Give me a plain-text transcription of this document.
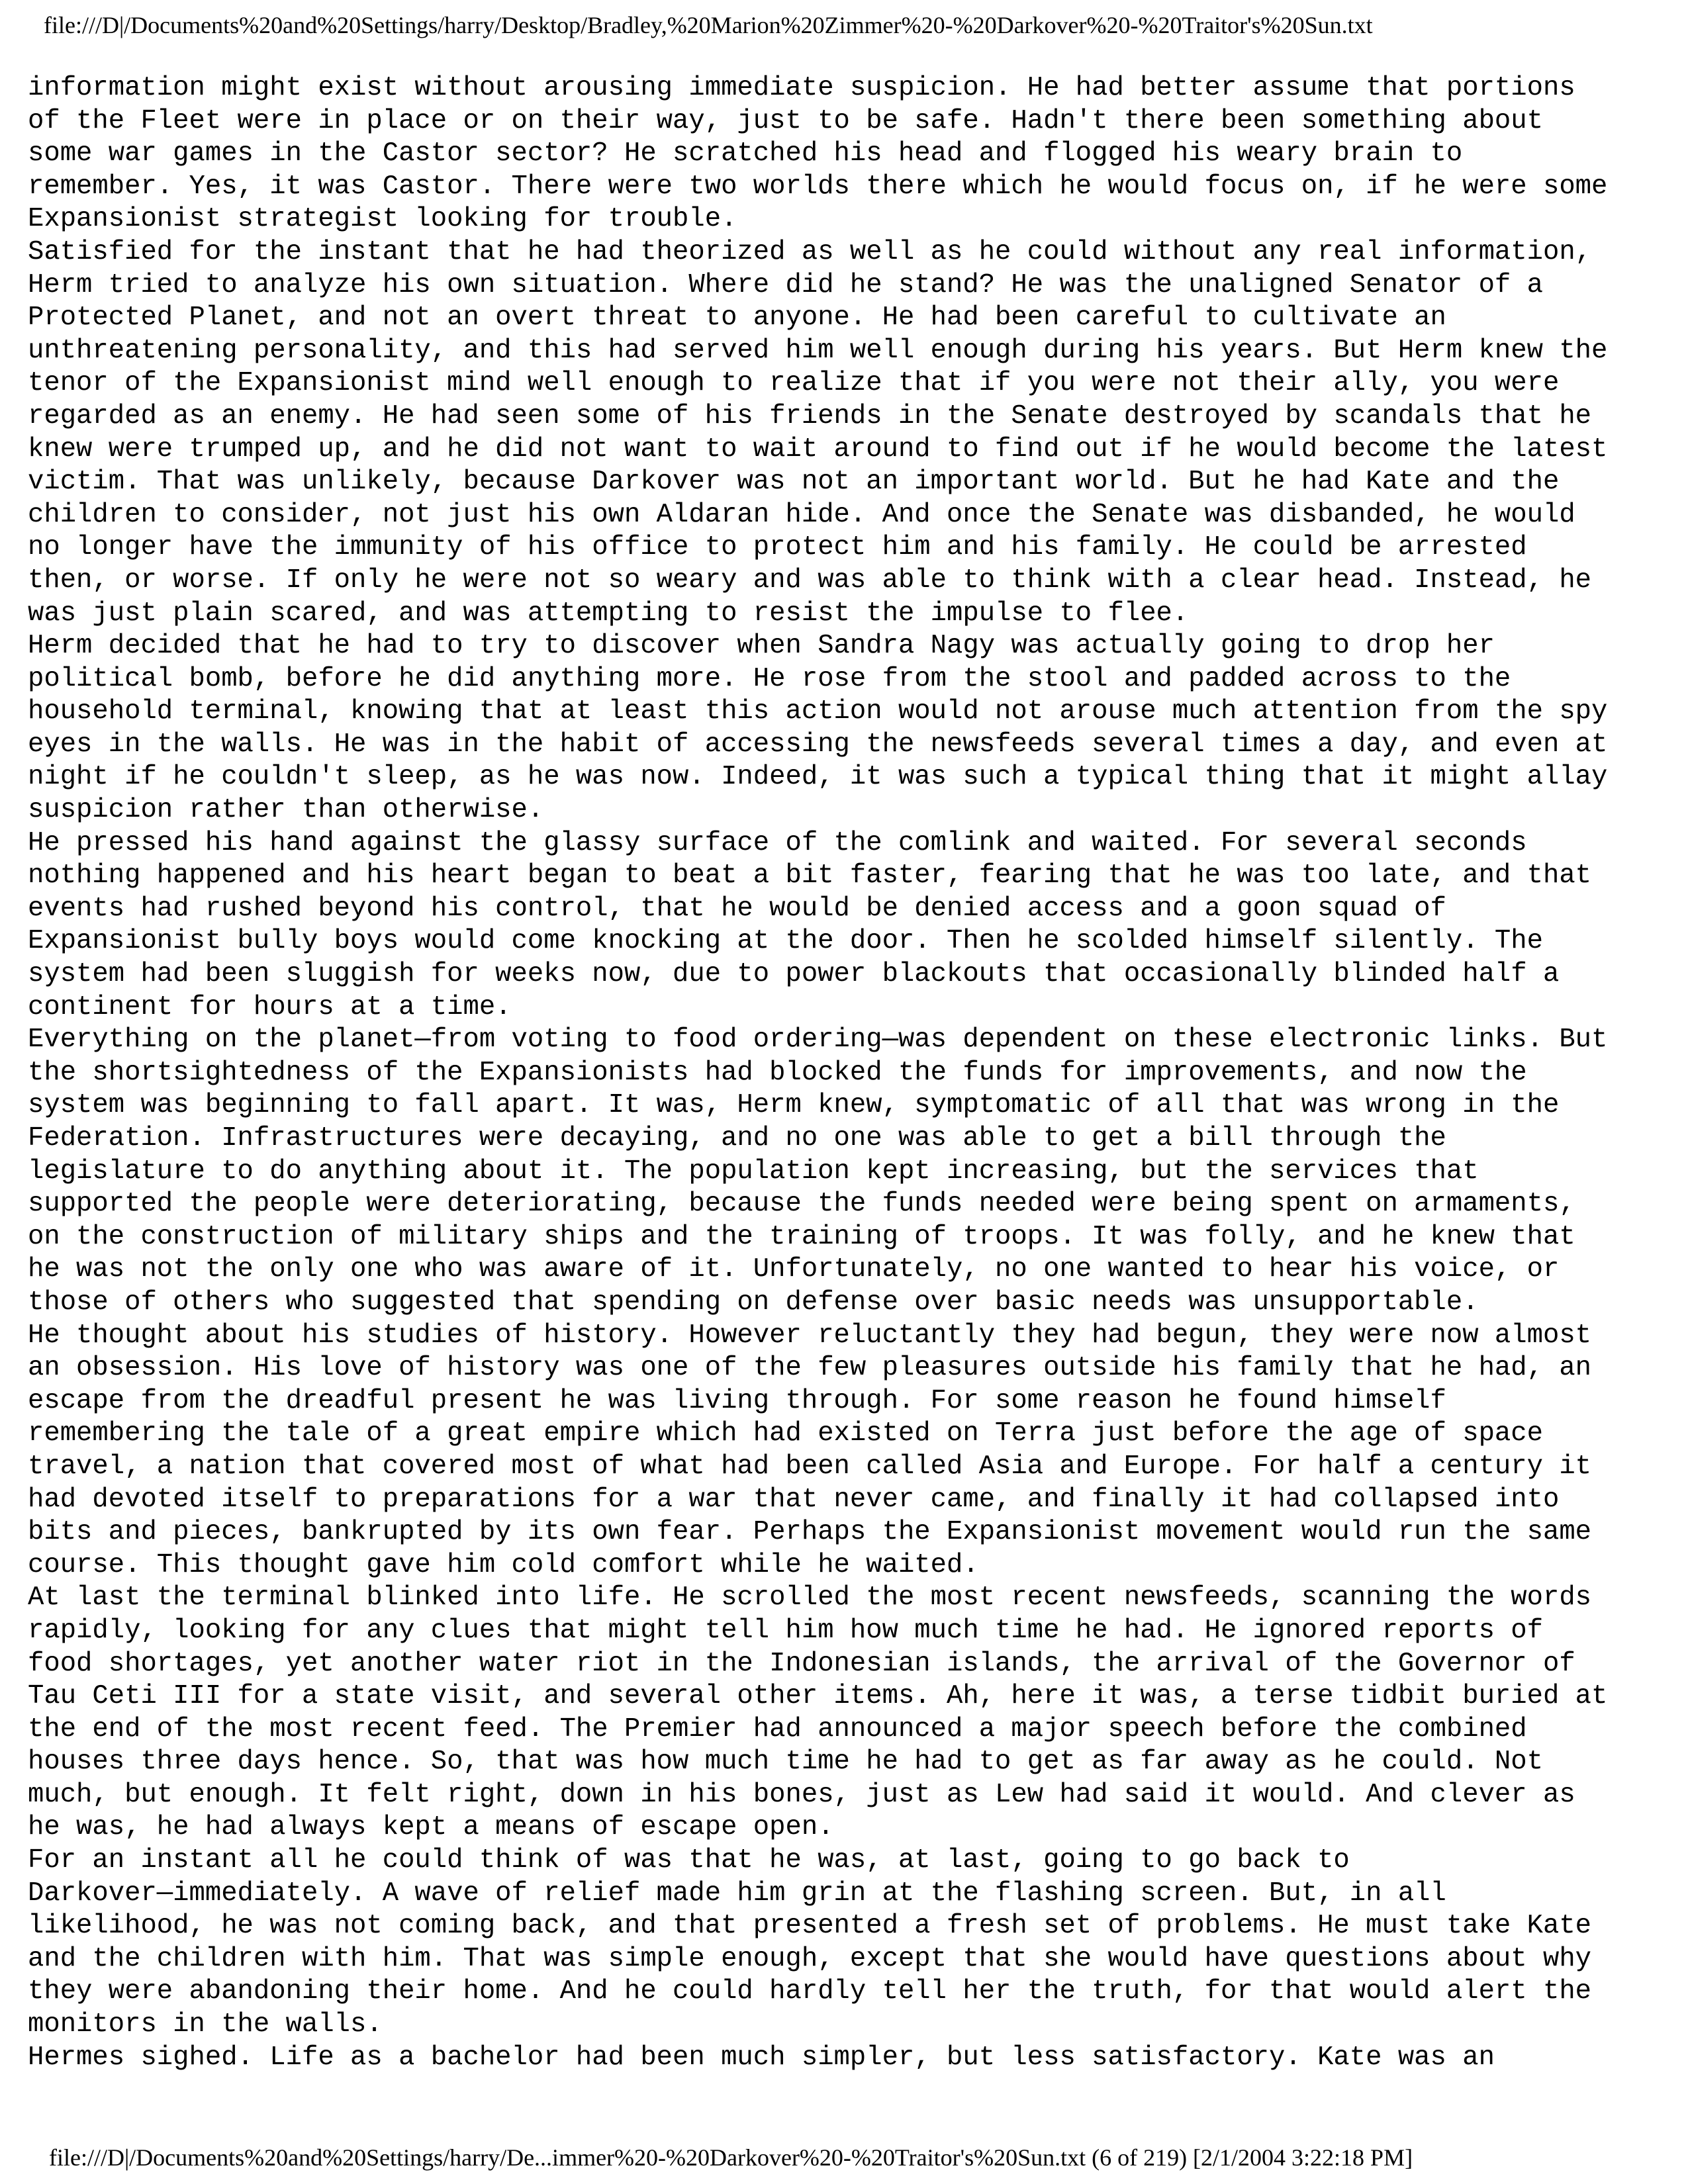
file:///D|/Documents%20and%20Settings/harry/Desktop/Bradley,%20Marion%20Zimmer%20-%20Darkover%20-%20Traitor's%20Sun.txt
information might exist without arousing immediate suspicion. He had better assume that portions
of the Fleet were in place or on their way, just to be safe. Hadn't there been something about
some war games in the Castor sector? He scratched his head and flogged his weary brain to
remember. Yes, it was Castor. There were two worlds there which he would focus on, if he were some
Expansionist strategist looking for trouble.
Satisfied for the instant that he had theorized as well as he could without any real information,
Herm tried to analyze his own situation. Where did he stand? He was the unaligned Senator of a
Protected Planet, and not an overt threat to anyone. He had been careful to cultivate an
unthreatening personality, and this had served him well enough during his years. But Herm knew the
tenor of the Expansionist mind well enough to realize that if you were not their ally, you were
regarded as an enemy. He had seen some of his friends in the Senate destroyed by scandals that he
knew were trumped up, and he did not want to wait around to find out if he would become the latest
victim. That was unlikely, because Darkover was not an important world. But he had Kate and the
children to consider, not just his own Aldaran hide. And once the Senate was disbanded, he would
no longer have the immunity of his office to protect him and his family. He could be arrested
then, or worse. If only he were not so weary and was able to think with a clear head. Instead, he
was just plain scared, and was attempting to resist the impulse to flee.
Herm decided that he had to try to discover when Sandra Nagy was actually going to drop her
political bomb, before he did anything more. He rose from the stool and padded across to the
household terminal, knowing that at least this action would not arouse much attention from the spy
eyes in the walls. He was in the habit of accessing the newsfeeds several times a day, and even at
night if he couldn't sleep, as he was now. Indeed, it was such a typical thing that it might allay
suspicion rather than otherwise.
He pressed his hand against the glassy surface of the comlink and waited. For several seconds
nothing happened and his heart began to beat a bit faster, fearing that he was too late, and that
events had rushed beyond his control, that he would be denied access and a goon squad of
Expansionist bully boys would come knocking at the door. Then he scolded himself silently. The
system had been sluggish for weeks now, due to power blackouts that occasionally blinded half a
continent for hours at a time.
Everything on the planet—from voting to food ordering—was dependent on these electronic links. But
the shortsightedness of the Expansionists had blocked the funds for improvements, and now the
system was beginning to fall apart. It was, Herm knew, symptomatic of all that was wrong in the
Federation. Infrastructures were decaying, and no one was able to get a bill through the
legislature to do anything about it. The population kept increasing, but the services that
supported the people were deteriorating, because the funds needed were being spent on armaments,
on the construction of military ships and the training of troops. It was folly, and he knew that
he was not the only one who was aware of it. Unfortunately, no one wanted to hear his voice, or
those of others who suggested that spending on defense over basic needs was unsupportable.
He thought about his studies of history. However reluctantly they had begun, they were now almost
an obsession. His love of history was one of the few pleasures outside his family that he had, an
escape from the dreadful present he was living through. For some reason he found himself
remembering the tale of a great empire which had existed on Terra just before the age of space
travel, a nation that covered most of what had been called Asia and Europe. For half a century it
had devoted itself to preparations for a war that never came, and finally it had collapsed into
bits and pieces, bankrupted by its own fear. Perhaps the Expansionist movement would run the same
course. This thought gave him cold comfort while he waited.
At last the terminal blinked into life. He scrolled the most recent newsfeeds, scanning the words
rapidly, looking for any clues that might tell him how much time he had. He ignored reports of
food shortages, yet another water riot in the Indonesian islands, the arrival of the Governor of
Tau Ceti III for a state visit, and several other items. Ah, here it was, a terse tidbit buried at
the end of the most recent feed. The Premier had announced a major speech before the combined
houses three days hence. So, that was how much time he had to get as far away as he could. Not
much, but enough. It felt right, down in his bones, just as Lew had said it would. And clever as
he was, he had always kept a means of escape open.
For an instant all he could think of was that he was, at last, going to go back to
Darkover—immediately. A wave of relief made him grin at the flashing screen. But, in all
likelihood, he was not coming back, and that presented a fresh set of problems. He must take Kate
and the children with him. That was simple enough, except that she would have questions about why
they were abandoning their home. And he could hardly tell her the truth, for that would alert the
monitors in the walls.
Hermes sighed. Life as a bachelor had been much simpler, but less satisfactory. Kate was an
file:///D|/Documents%20and%20Settings/harry/De...immer%20-%20Darkover%20-%20Traitor's%20Sun.txt (6 of 219) [2/1/2004 3:22:18 PM]
